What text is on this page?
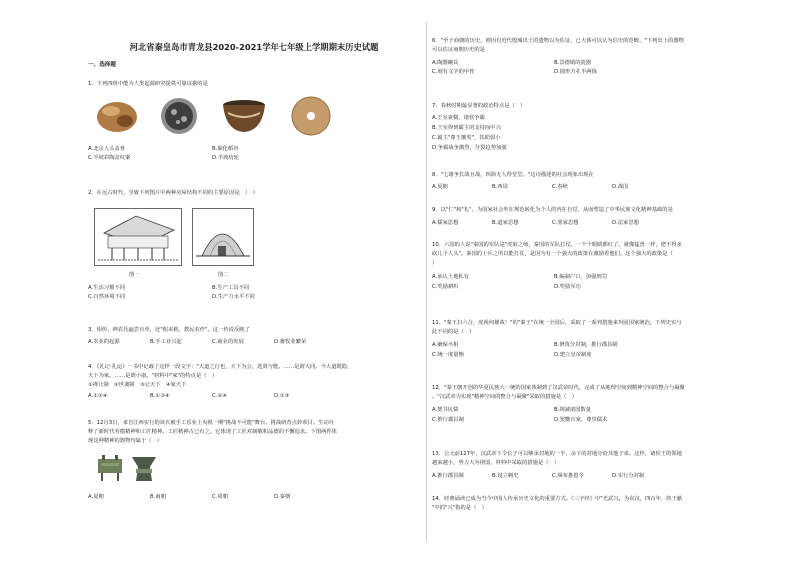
河北省秦皇岛市青龙县2020-2021学年七年级上学期期末历史试题
一、选择题
1．下列四组中能为人类起源研究提供可靠证据的是
A.北京人头盖骨	B.碳化稻谷
C.半坡彩陶盆纹案	D.半坡纺轮
2．在远古时代，导致下列图片中两种房屋结构不同的主要原因是　（　）
图一	图二
A.生活习惯不同	B.生产工具不同
C.自然环境不同	D.生产力水平不同
3．相传，神农氏遍尝百草，还"耜耒耜，教民农作"。这一传说反映了
A.农业的起源	B.手工业兴起	C.商业的发展	D.畜牧业繁荣
4．《礼记·礼运》一书中记载了这样一段文字："大道之行也，天下为公，选贤与能。……是谓大同。今大道既隐，
天下为家。……是谓小康。"材料中"家"的特点是（　）
①禅让制　②世袭制　③公天下　④家天下
A.①②④	B.①③④	C.②④	D.①③
5．12月3日，来自江西实行的该衣被手工乐业上央视一期"挑战不可能"舞台。挑战研育点妙项目。生动诠
释了新时代劳模精神和工匠精神。工匠精神古已有之。它体现了工匠对制敬和品德的不懈追求。下图两件体
现这种精神的器物均属于（　）
A.夏朝	B.商朝	C.周朝	D.秦朝
6．"至于商朝的历史，则因有近代殷墟出土的遗物以为佐证，已大体可以认为信史的范畴。"下列出土的器物
可以佐证商朝历史的是
A.陶器碗具	B.景德镇的瓷器
C.刻有文字的甲骨	D.圆形方孔半两钱
7．春秋时期最显著的政治特点是（　）
A.王室衰微，诸侯争霸
B.王室得到霸主的支持而中兴
C.霸主"尊王攘夷"，扶助弱小
D.争霸战争激烈，分裂趋势加强
8．"七雄争长战且战，四海无人得堂堂。"这诗描述的社会现象出现在
A.夏朝	B.西周	C.春秋	D.战国
9．以"仁"和"礼"，为国家社会外在规范转化为个人的内在自觉，从而塑造了中华民族文化精神基础的是
A.儒家思想	B.道家思想	C.墨家思想	D.法家思想
10．六国的人说"秦国的军队是"虎狼之师，秦国的军队打仗，一个个眼睛都红了，就像猛兽一样，把不得多
砍几个人头"。秦国的士兵之所以能打仗，是因为有一个强大的政策在激励着他们。这个强大的政策是（
）
A.承认土地私有	B.编制户口，加强刑罚
C.奖励耕织	D.奖励军功
11．"秦王扫六合，虎视何雄哉！"的"秦王"在统一全国后，采取了一系列措施来巩固国家统治，下列史实与
此不同的是（　）
A.确保丞相	B.修筑分封制，推行郡县制
C.统一度量衡	D.建立皇帝制度
12．"秦王朝开创的华夏民族大一统的国家体制到了汉武帝时代，完成了从地理空间到精神空间的整合与凝聚
。"汉武帝为实现"精神空间的整合与凝聚"采取的措施是（　）
A.焚书坑儒	B.削减诸国数量
C.推行郡县制	D.罢黜百家，尊崇儒术
13．公元前127年，汉武帝下令长子可以继承封地的一半，余下的封地分给其他子弟。这样，诸侯王的领地
越来越小，势力大为削弱，材料中采取的措施是（　）
A.推行郡县制	B.设立刺史	C.颁布推恩令	D.实行分封制
14．经典诵读已成为当今中国人传承历史文化的重要方式。《三字经》中"光武兴，为东汉，四百年，终于献
"中的"兴"指的是（　）
